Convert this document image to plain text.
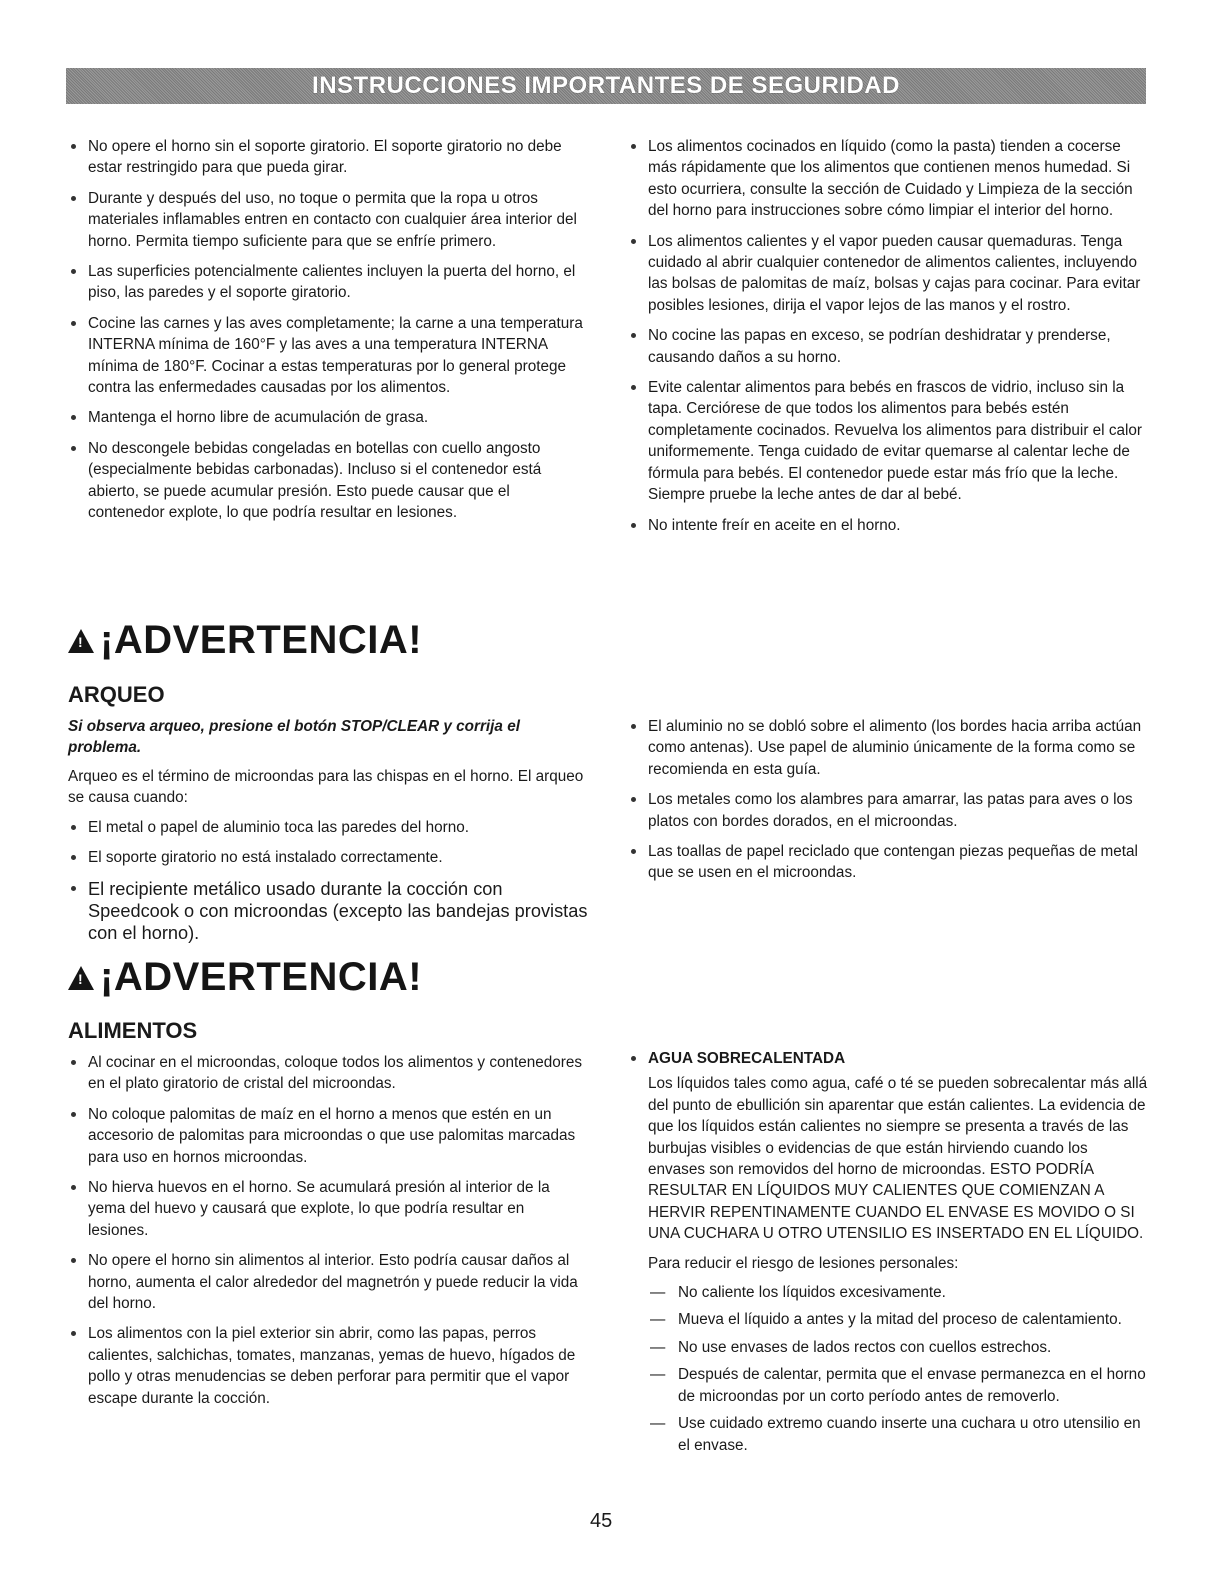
INSTRUCCIONES IMPORTANTES DE SEGURIDAD
No opere el horno sin el soporte giratorio. El soporte giratorio no debe estar restringido para que pueda girar.
Durante y después del uso, no toque o permita que la ropa u otros materiales inflamables entren en contacto con cualquier área interior del horno. Permita tiempo suficiente para que se enfríe primero.
Las superficies potencialmente calientes incluyen la puerta del horno, el piso, las paredes y el soporte giratorio.
Cocine las carnes y las aves completamente; la carne a una temperatura INTERNA mínima de 160°F y las aves a una temperatura INTERNA mínima de 180°F. Cocinar a estas temperaturas por lo general protege contra las enfermedades causadas por los alimentos.
Mantenga el horno libre de acumulación de grasa.
No descongele bebidas congeladas en botellas con cuello angosto (especialmente bebidas carbonadas). Incluso si el contenedor está abierto, se puede acumular presión. Esto puede causar que el contenedor explote, lo que podría resultar en lesiones.
Los alimentos cocinados en líquido (como la pasta) tienden a cocerse más rápidamente que los alimentos que contienen menos humedad. Si esto ocurriera, consulte la sección de Cuidado y Limpieza de la sección del horno para instrucciones sobre cómo limpiar el interior del horno.
Los alimentos calientes y el vapor pueden causar quemaduras. Tenga cuidado al abrir cualquier contenedor de alimentos calientes, incluyendo las bolsas de palomitas de maíz, bolsas y cajas para cocinar. Para evitar posibles lesiones, dirija el vapor lejos de las manos y el rostro.
No cocine las papas en exceso, se podrían deshidratar y prenderse, causando daños a su horno.
Evite calentar alimentos para bebés en frascos de vidrio, incluso sin la tapa. Cerciórese de que todos los alimentos para bebés estén completamente cocinados. Revuelva los alimentos para distribuir el calor uniformemente. Tenga cuidado de evitar quemarse al calentar leche de fórmula para bebés. El contenedor puede estar más frío que la leche. Siempre pruebe la leche antes de dar al bebé.
No intente freír en aceite en el horno.
!
¡ADVERTENCIA!
ARQUEO
Si observa arqueo, presione el botón STOP/CLEAR y corrija el problema.
Arqueo es el término de microondas para las chispas en el horno. El arqueo se causa cuando:
El metal o papel de aluminio toca las paredes del horno.
El soporte giratorio no está instalado correctamente.
El recipiente metálico usado durante la cocción con Speedcook o con microondas (excepto las bandejas provistas con el horno).
El aluminio no se dobló sobre el alimento (los bordes hacia arriba actúan como antenas). Use papel de aluminio únicamente de la forma como se recomienda en esta guía.
Los metales como los alambres para amarrar, las patas para aves o los platos con bordes dorados, en el microondas.
Las toallas de papel reciclado que contengan piezas pequeñas de metal que se usen en el microondas.
!
¡ADVERTENCIA!
ALIMENTOS
Al cocinar en el microondas, coloque todos los alimentos y contenedores en el plato giratorio de cristal del microondas.
No coloque palomitas de maíz en el horno a menos que estén en un accesorio de palomitas para microondas o que use palomitas marcadas para uso en hornos microondas.
No hierva huevos en el horno. Se acumulará presión al interior de la yema del huevo y causará que explote, lo que podría resultar en lesiones.
No opere el horno sin alimentos al interior. Esto podría causar daños al horno, aumenta el calor alrededor del magnetrón y puede reducir la vida del horno.
Los alimentos con la piel exterior sin abrir, como las papas, perros calientes, salchichas, tomates, manzanas, yemas de huevo, hígados de pollo y otras menudencias se deben perforar para permitir que el vapor escape durante la cocción.
AGUA SOBRECALENTADA
Los líquidos tales como agua, café o té se pueden sobrecalentar más allá del punto de ebullición sin aparentar que están calientes. La evidencia de que los líquidos están calientes no siempre se presenta a través de las burbujas visibles o evidencias de que están hirviendo cuando los envases son removidos del horno de microondas. ESTO PODRÍA RESULTAR EN LÍQUIDOS MUY CALIENTES QUE COMIENZAN A HERVIR REPENTINAMENTE CUANDO EL ENVASE ES MOVIDO O SI UNA CUCHARA U OTRO UTENSILIO ES INSERTADO EN EL LÍQUIDO.
Para reducir el riesgo de lesiones personales:
— No caliente los líquidos excesivamente.
— Mueva el líquido a antes y la mitad del proceso de calentamiento.
— No use envases de lados rectos con cuellos estrechos.
— Después de calentar, permita que el envase permanezca en el horno de microondas por un corto período antes de removerlo.
— Use cuidado extremo cuando inserte una cuchara u otro utensilio en el envase.
45
